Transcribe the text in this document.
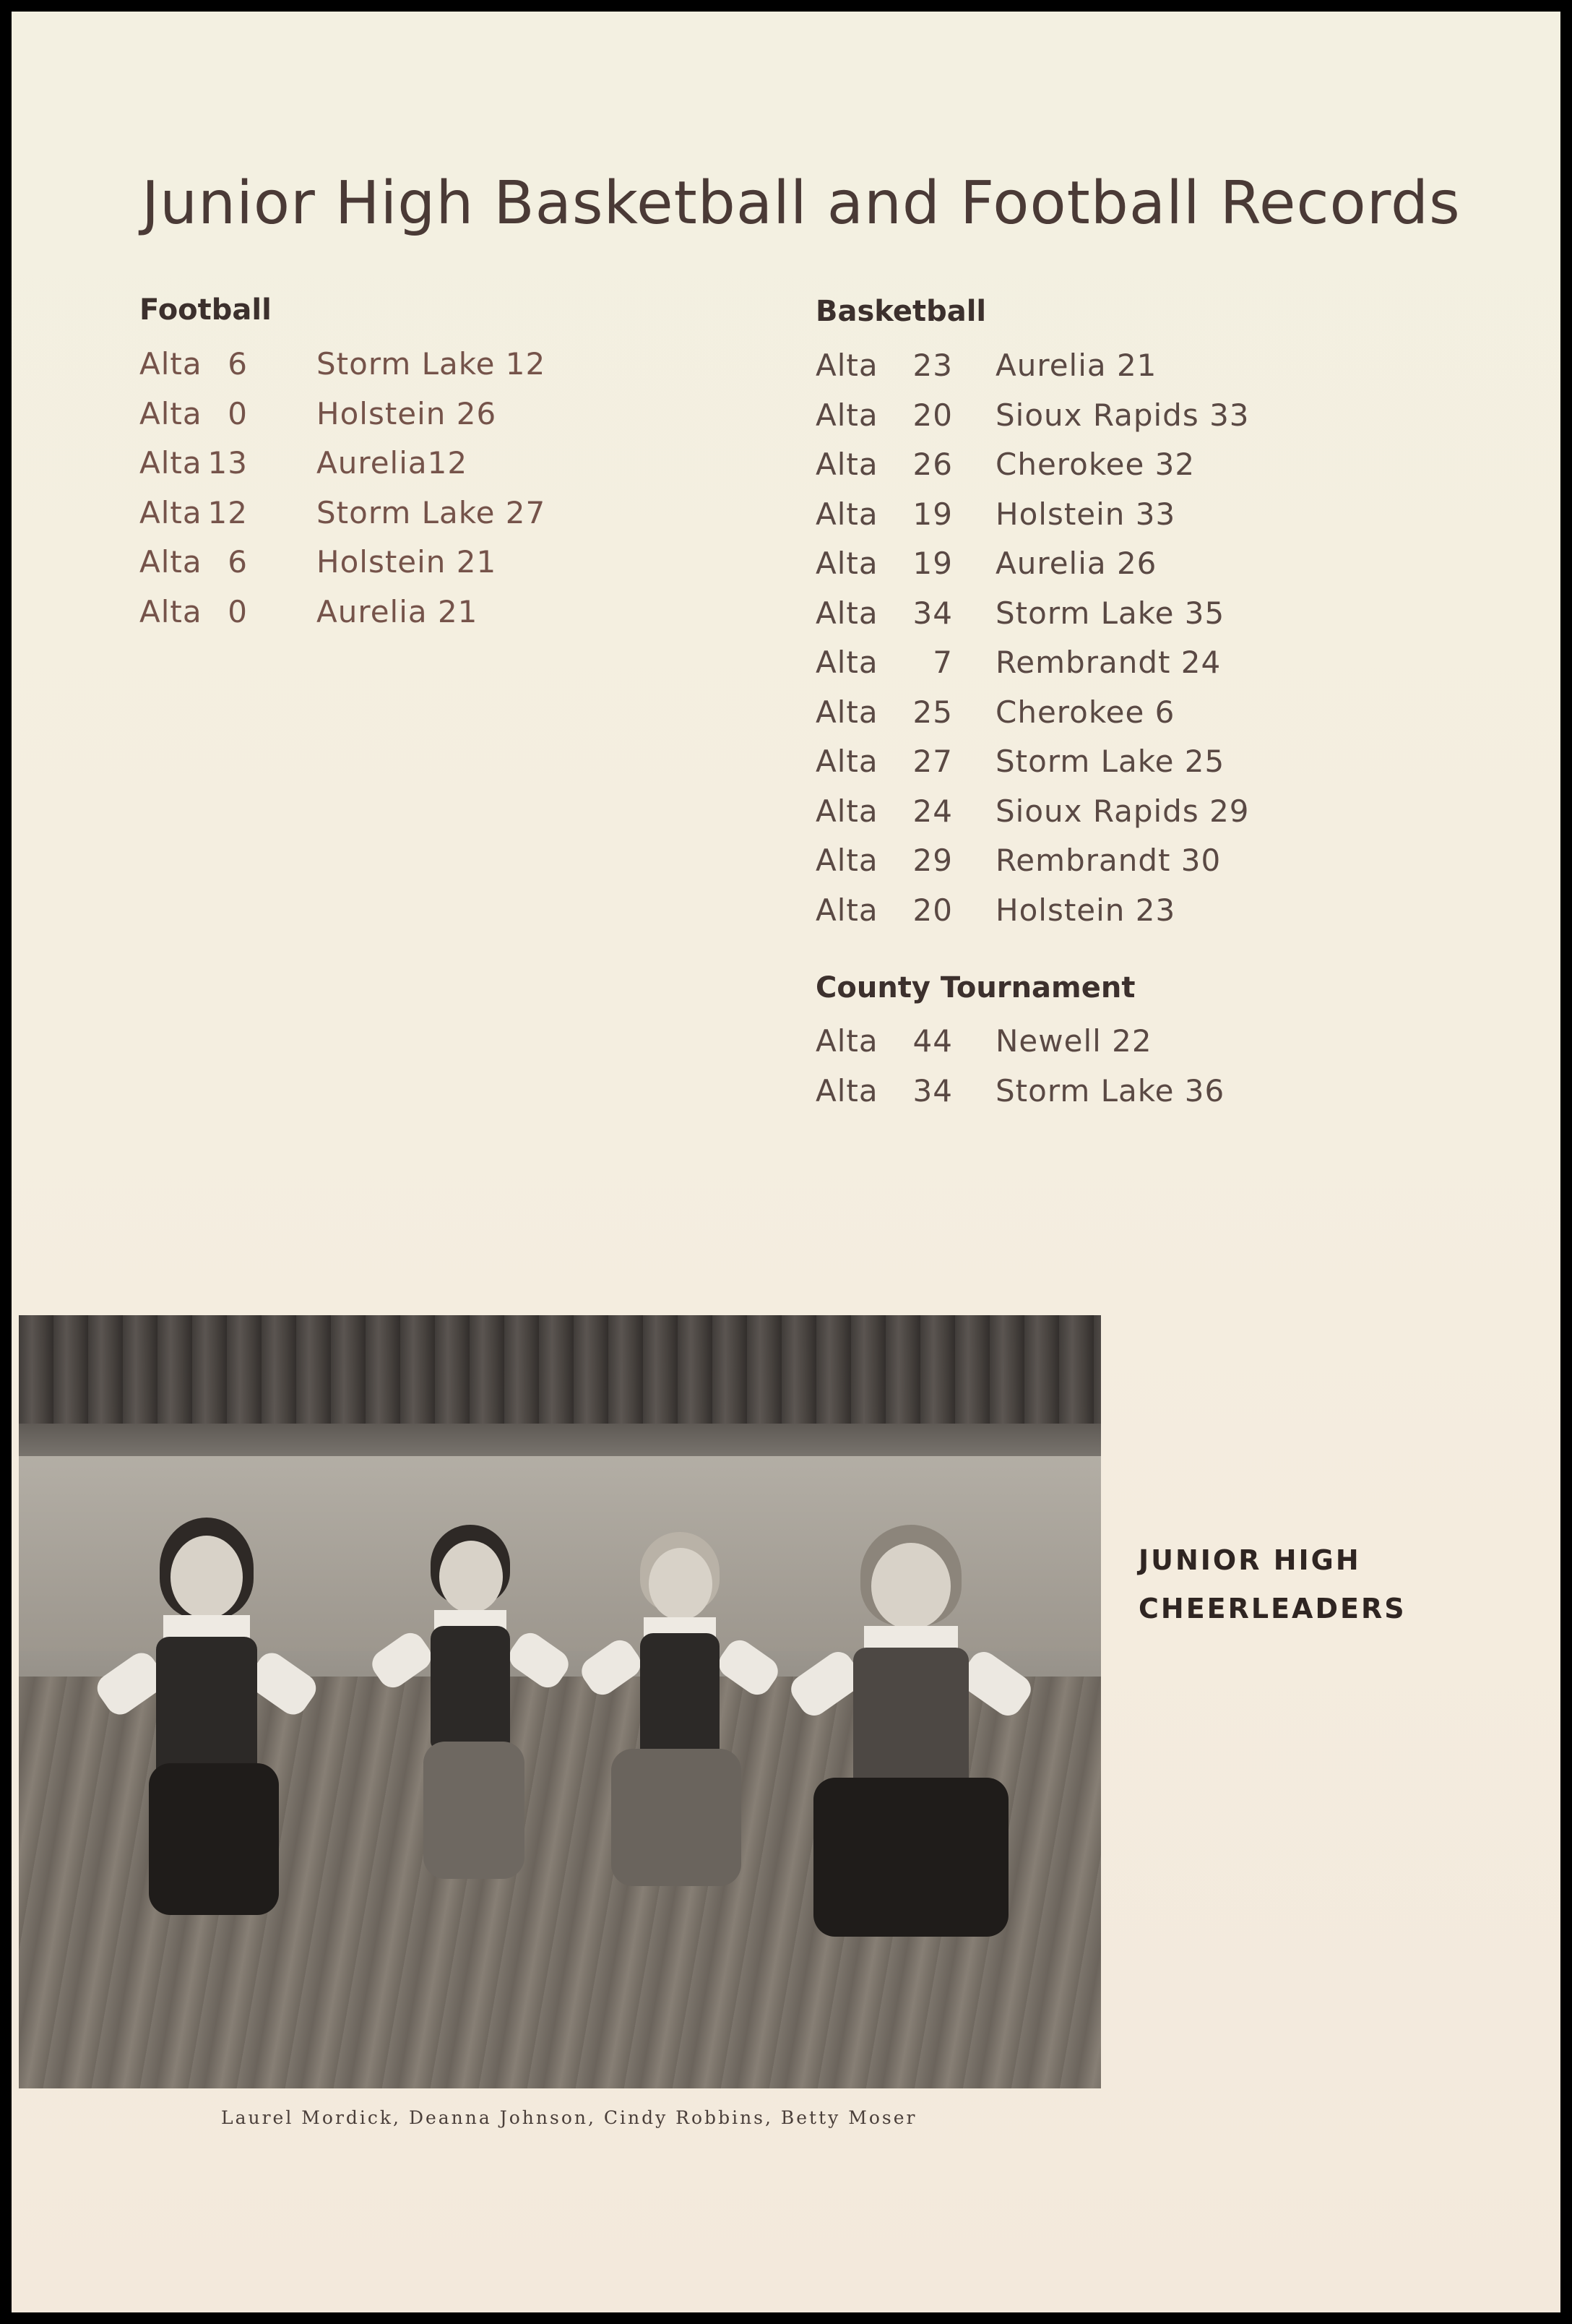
Junior High Basketball and Football Records
Football
Alta 6 Storm Lake 12
Alta 0 Holstein 26
Alta 13 Aurelia12
Alta 12 Storm Lake 27
Alta 6 Holstein 21
Alta 0 Aurelia 21
Basketball
Alta	23 Aurelia 21
Alta	20 Sioux Rapids 33
Alta	26 Cherokee 32
Alta	19 Holstein 33
Alta	19 Aurelia 26
Alta	34 Storm Lake 35
Alta	7 Rembrandt 24
Alta	25 Cherokee 6
Alta	27 Storm Lake 25
Alta	24 Sioux Rapids 29
Alta	29 Rembrandt 30
Alta	20 Holstein 23
County Tournament
Alta	44 Newell 22
Alta	34 Storm Lake 36

Laurel Mordick, Deanna Johnson, Cindy Robbins, Betty Moser

JUNIOR HIGH
CHEERLEADERS
